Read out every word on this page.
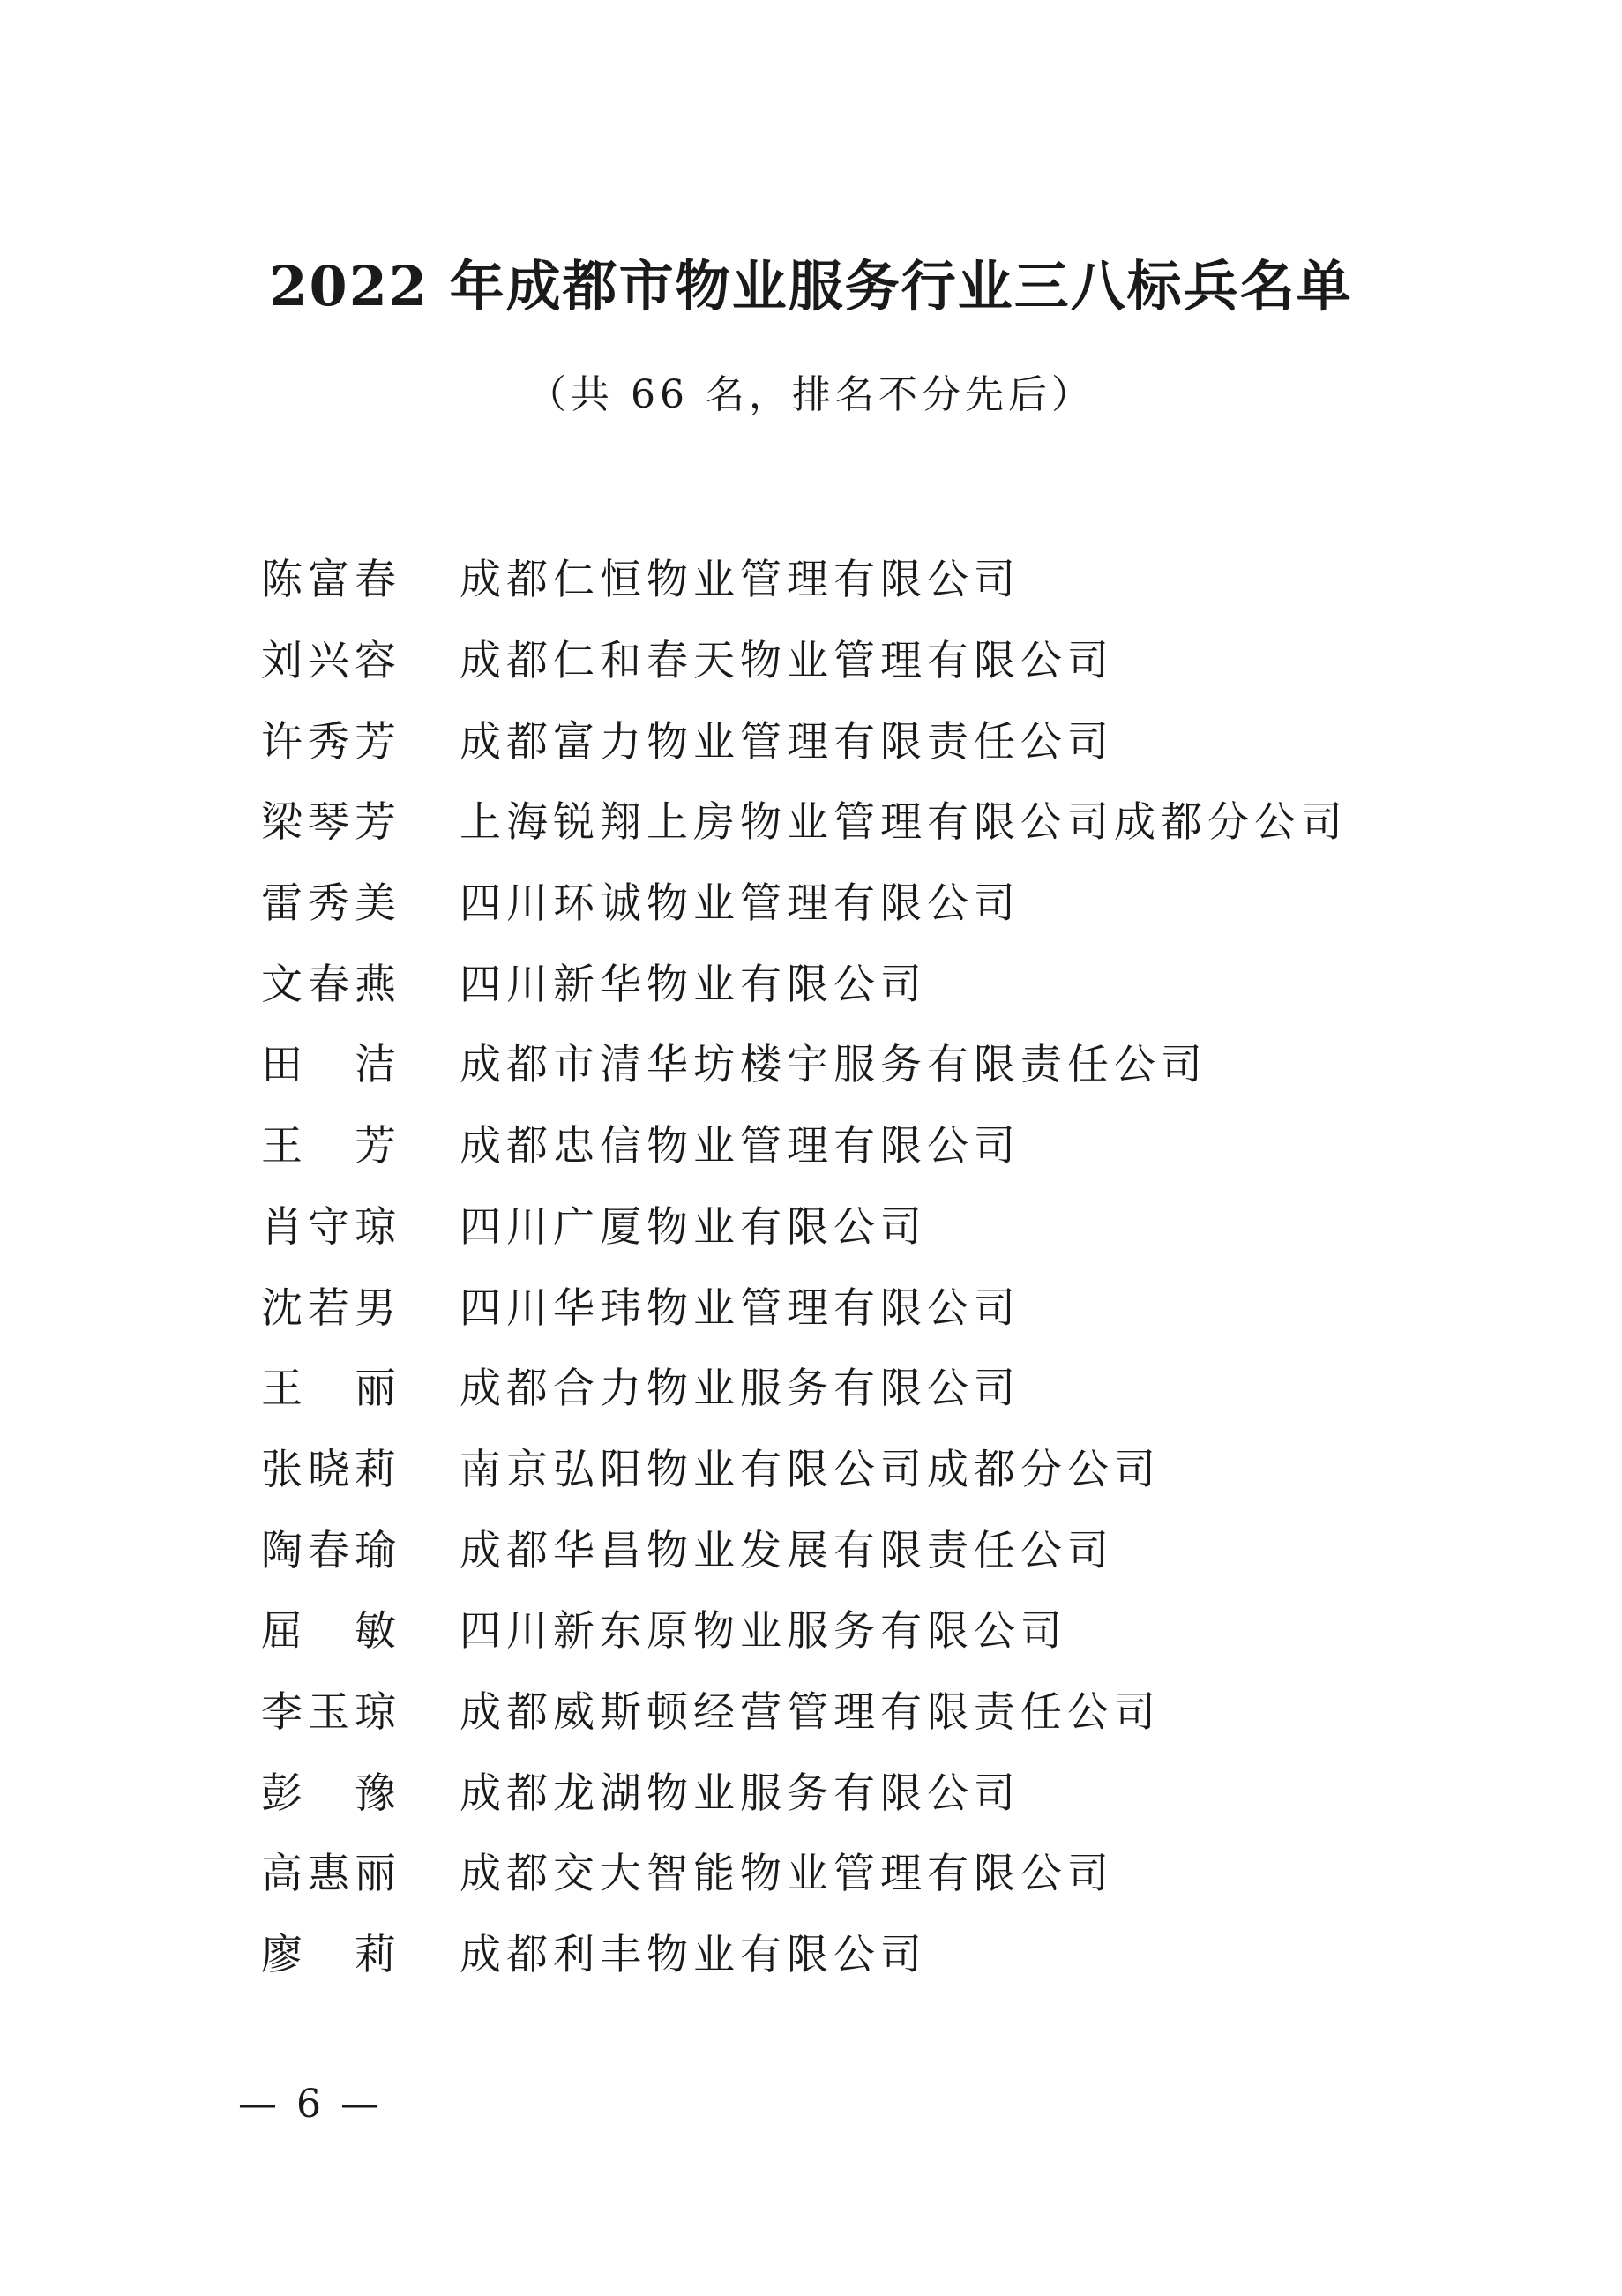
2022 年成都市物业服务行业三八标兵名单
（共 66 名，排名不分先后）
陈富春	成都仁恒物业管理有限公司
刘兴容	成都仁和春天物业管理有限公司
许秀芳	成都富力物业管理有限责任公司
梁琴芳	上海锐翔上房物业管理有限公司成都分公司
雷秀美	四川环诚物业管理有限公司
文春燕	四川新华物业有限公司
田　洁	成都市清华坊楼宇服务有限责任公司
王　芳	成都忠信物业管理有限公司
肖守琼	四川广厦物业有限公司
沈若男	四川华玮物业管理有限公司
王　丽	成都合力物业服务有限公司
张晓莉	南京弘阳物业有限公司成都分公司
陶春瑜	成都华昌物业发展有限责任公司
屈　敏	四川新东原物业服务有限公司
李玉琼	成都威斯顿经营管理有限责任公司
彭　豫	成都龙湖物业服务有限公司
高惠丽	成都交大智能物业管理有限公司
廖　莉	成都利丰物业有限公司
— 6 —
